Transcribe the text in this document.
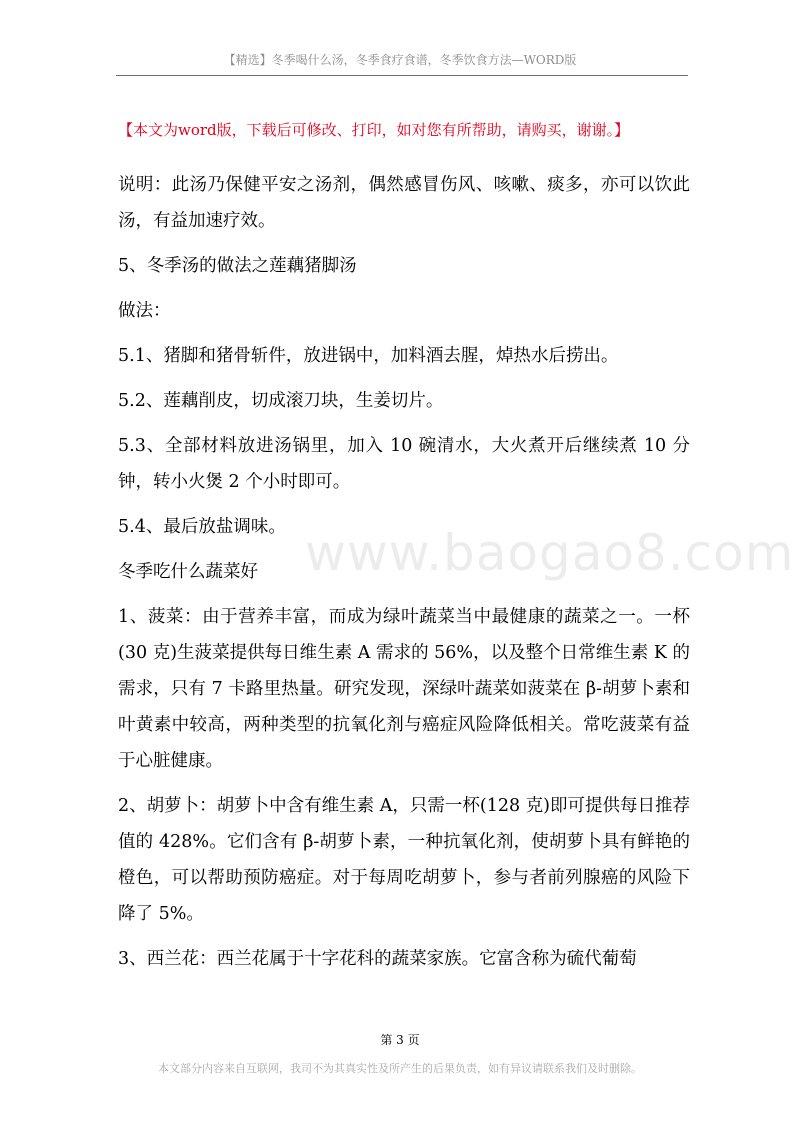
【精选】冬季喝什么汤，冬季食疗食谱，冬季饮食方法—WORD版
【本文为word版，下载后可修改、打印，如对您有所帮助，请购买，谢谢。】

说明：此汤乃保健平安之汤剂，偶然感冒伤风、咳嗽、痰多，亦可以饮此汤，有益加速疗效。

5、冬季汤的做法之莲藕猪脚汤

做法：

5.1、猪脚和猪骨斩件，放进锅中，加料酒去腥，焯热水后捞出。

5.2、莲藕削皮，切成滚刀块，生姜切片。

5.3、全部材料放进汤锅里，加入 10 碗清水，大火煮开后继续煮 10 分钟，转小火煲 2 个小时即可。

5.4、最后放盐调味。

冬季吃什么蔬菜好

1、菠菜：由于营养丰富，而成为绿叶蔬菜当中最健康的蔬菜之一。一杯(30 克)生菠菜提供每日维生素 A 需求的 56%，以及整个日常维生素 K 的需求，只有 7 卡路里热量。研究发现，深绿叶蔬菜如菠菜在 β-胡萝卜素和叶黄素中较高，两种类型的抗氧化剂与癌症风险降低相关。常吃菠菜有益于心脏健康。

2、胡萝卜：胡萝卜中含有维生素 A，只需一杯(128 克)即可提供每日推荐值的 428%。它们含有 β-胡萝卜素，一种抗氧化剂，使胡萝卜具有鲜艳的橙色，可以帮助预防癌症。对于每周吃胡萝卜，参与者前列腺癌的风险下降了 5%。

3、西兰花：西兰花属于十字花科的蔬菜家族。它富含称为硫代葡萄

www.baogao8.com
第 3 页
本文部分内容来自互联网，我司不为其真实性及所产生的后果负责，如有异议请联系我们及时删除。
